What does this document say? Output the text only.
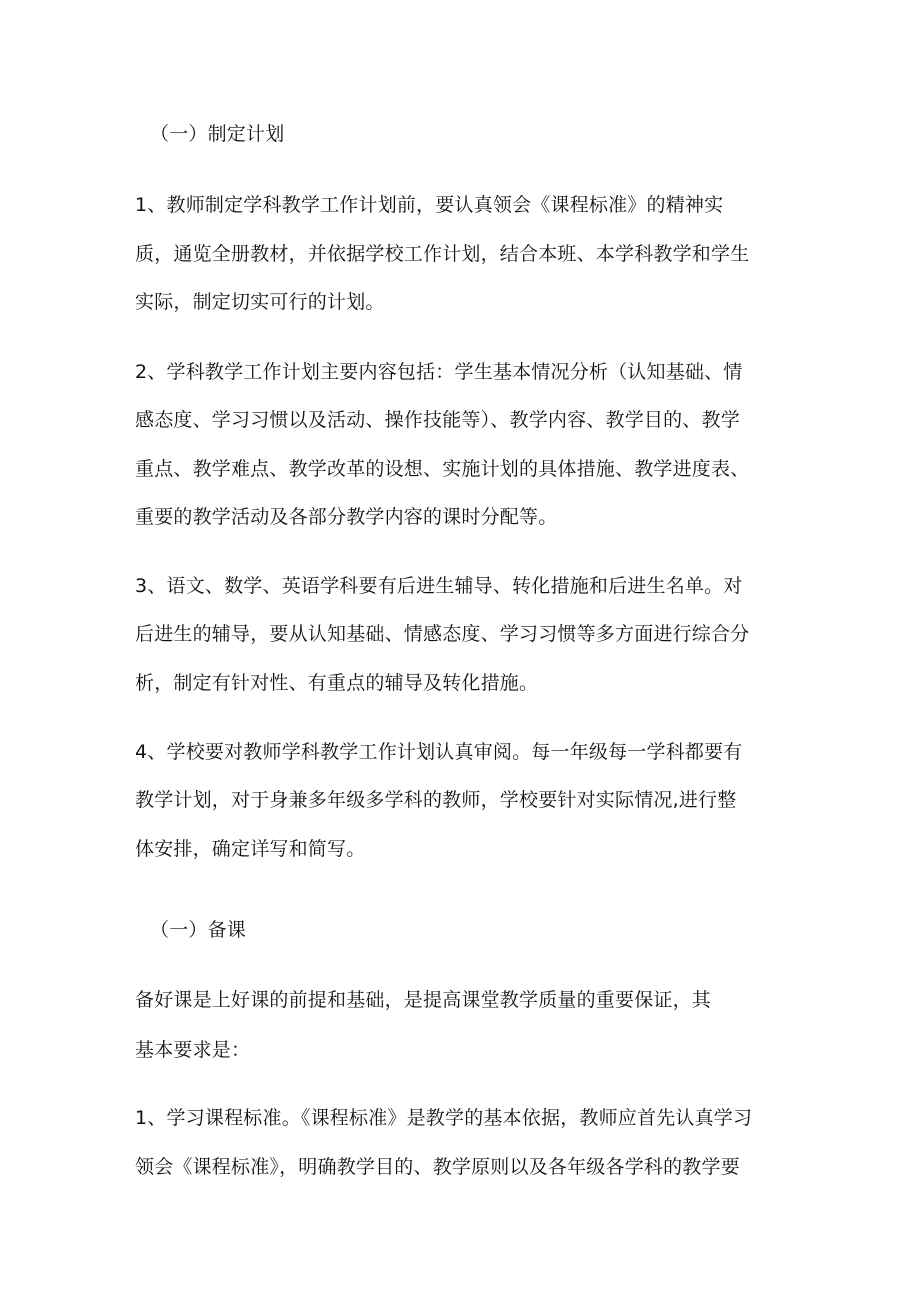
（一）制定计划
1、教师制定学科教学工作计划前，要认真领会《课程标准》的精神实
质，通览全册教材，并依据学校工作计划，结合本班、本学科教学和学生
实际，制定切实可行的计划。
2、学科教学工作计划主要内容包括：学生基本情况分析（认知基础、情
感态度、学习习惯以及活动、操作技能等）、教学内容、教学目的、教学
重点、教学难点、教学改革的设想、实施计划的具体措施、教学进度表、
重要的教学活动及各部分教学内容的课时分配等。
3、语文、数学、英语学科要有后进生辅导、转化措施和后进生名单。对
后进生的辅导，要从认知基础、情感态度、学习习惯等多方面进行综合分
析，制定有针对性、有重点的辅导及转化措施。
4、学校要对教师学科教学工作计划认真审阅。每一年级每一学科都要有
教学计划，对于身兼多年级多学科的教师，学校要针对实际情况,进行整
体安排，确定详写和简写。
（一）备课
备好课是上好课的前提和基础，是提高课堂教学质量的重要保证，其
基本要求是：
1、学习课程标准。《课程标准》是教学的基本依据，教师应首先认真学习
领会《课程标准》，明确教学目的、教学原则以及各年级各学科的教学要
